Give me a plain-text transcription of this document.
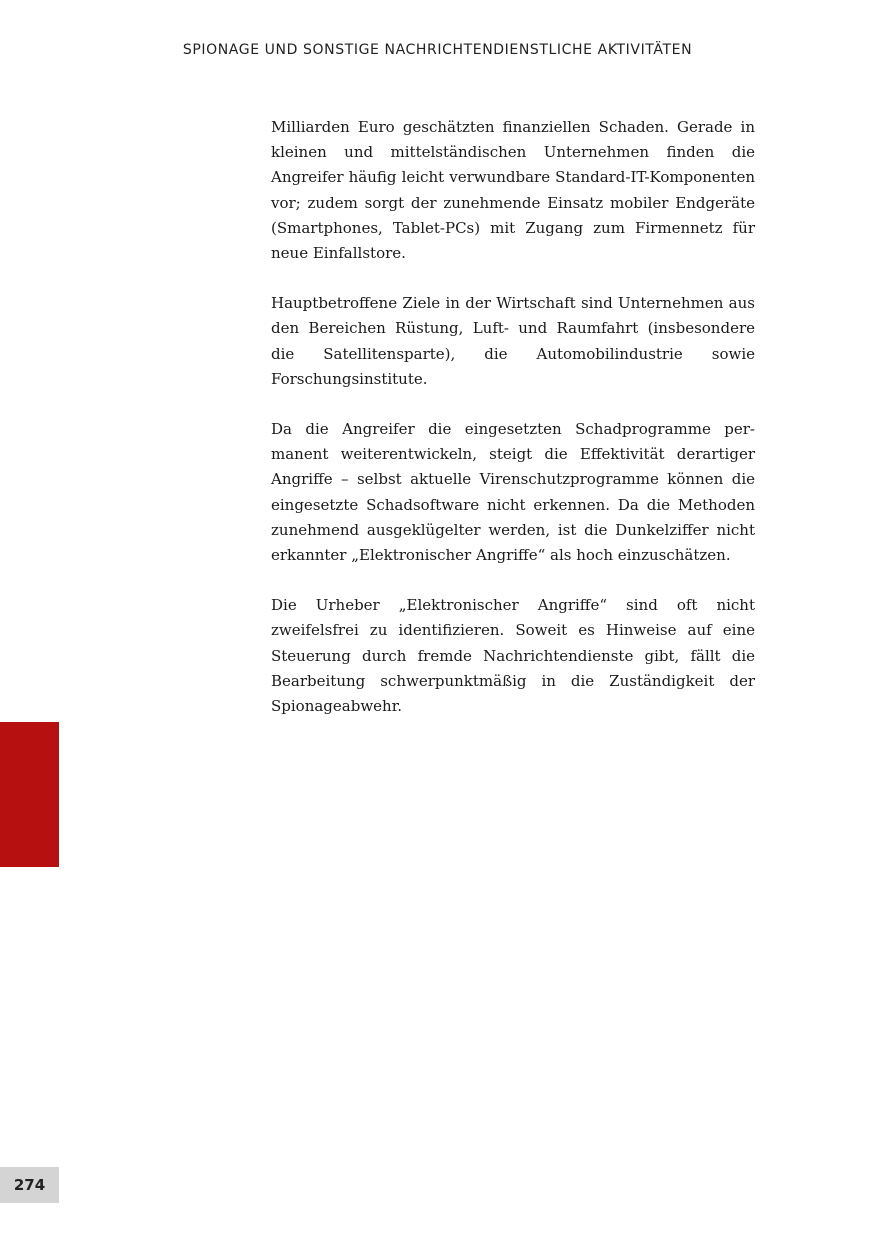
SPIONAGE UND SONSTIGE NACHRICHTENDIENSTLICHE AKTIVITÄTEN

Milliarden Euro geschätzten finanziellen Schaden. Gerade in kleinen und mittelständischen Unternehmen finden die Angreifer häufig leicht verwundbare Standard-IT-Komponenten vor; zudem sorgt der zunehmende Einsatz mobiler Endgeräte (Smartphones, Tablet-PCs) mit Zugang zum Firmennetz für neue Einfallstore.

Hauptbetroffene Ziele in der Wirtschaft sind Unternehmen aus den Bereichen Rüstung, Luft- und Raumfahrt (insbesondere die Satellitensparte), die Automobilindustrie sowie Forschungsinstitute.

Da die Angreifer die eingesetzten Schadprogramme permanent weiterentwickeln, steigt die Effektivität derartiger Angriffe – selbst aktuelle Virenschutzprogramme können die eingesetzte Schadsoftware nicht erkennen. Da die Methoden zunehmend ausgeklügelter werden, ist die Dunkelziffer nicht erkannter „Elektronischer Angriffe“ als hoch einzuschätzen.

Die Urheber „Elektronischer Angriffe“ sind oft nicht zweifelsfrei zu identifizieren. Soweit es Hinweise auf eine Steuerung durch fremde Nachrichtendienste gibt, fällt die Bearbeitung schwerpunktmäßig in die Zuständigkeit der Spionageabwehr.

274
